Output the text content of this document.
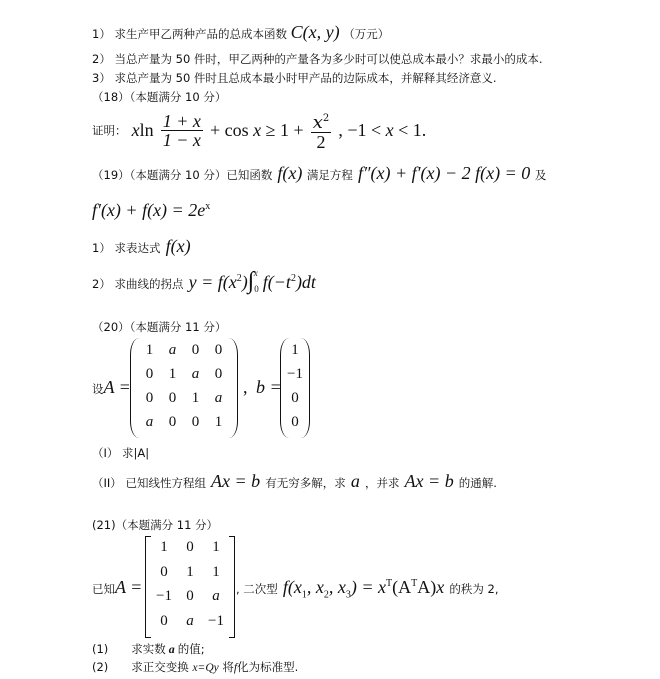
1） 求生产甲乙两种产品的总成本函数 C(x, y) （万元）
2） 当总产量为 50 件时，甲乙两种的产量各为多少时可以使总成本最小？求最小的成本.
3） 求总产量为 50 件时且总成本最小时甲产品的边际成本，并解释其经济意义.
（18）（本题满分 10 分）
证明： xln $\frac{1 + x}{1 - x} + \cos x \ge 1 + \frac{x^2}{2}$ , −1 < x < 1.
（19）（本题满分 10 分）已知函数 f(x) 满足方程 f″(x) + f′(x) − 2 f(x) = 0 及
$f'(x) + f(x) = 2e^x$
1） 求表达式 f(x)
2） 求曲线的拐点 $y = f(x^2)\int_0^x$ $f(-t^2)dt$
（20）（本题满分 11 分）
设A =
1	a	0	0
0	1	a	0
0	0	1	a
a	0	0	1
, b =
1
−1
0
0
（I） 求|A|
（II） 已知线性方程组 Ax = b 有无穷多解，求 a ，并求 Ax = b 的通解.
(21)（本题满分 11 分）
已知A =
1	0	1
0	1	1
−1 0	a
0	a −1
, 二次型 $f(x_1$, $x_2$, $x_3) = x^T(A^TA)x$ 的秩为 2,
(1)　　求实数 a 的值;
(2)　　求正交变换 x=Qy 将f化为标准型.
